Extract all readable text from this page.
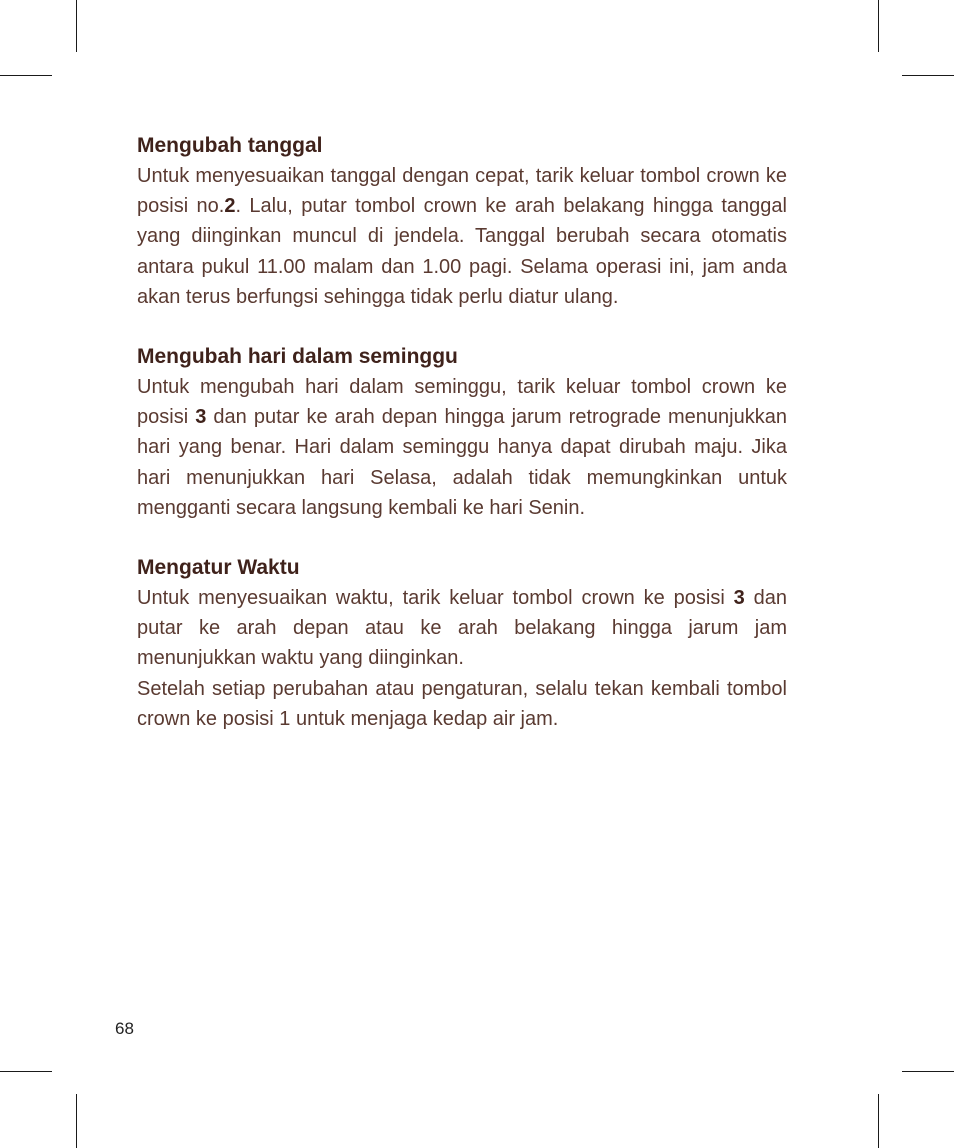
Mengubah tanggal

Untuk menyesuaikan tanggal dengan cepat, tarik keluar tombol crown ke posisi no.2. Lalu, putar tombol crown ke arah belakang hingga tanggal yang diinginkan muncul di jendela. Tanggal berubah secara otomatis antara pukul 11.00 malam dan 1.00 pagi. Selama operasi ini, jam anda akan terus berfungsi sehingga tidak perlu diatur ulang.

Mengubah hari dalam seminggu

Untuk mengubah hari dalam seminggu, tarik keluar tombol crown ke posisi 3 dan putar ke arah depan hingga jarum retrograde menunjukkan hari yang benar. Hari dalam seminggu hanya dapat dirubah maju. Jika hari menunjukkan hari Selasa, adalah tidak memungkinkan untuk mengganti secara langsung kembali ke hari Senin.

Mengatur Waktu

Untuk menyesuaikan waktu, tarik keluar tombol crown ke posisi 3 dan putar ke arah depan atau ke arah belakang hingga jarum jam menunjukkan waktu yang diinginkan.

Setelah setiap perubahan atau pengaturan, selalu tekan kembali tombol crown ke posisi 1 untuk menjaga kedap air jam.

68
